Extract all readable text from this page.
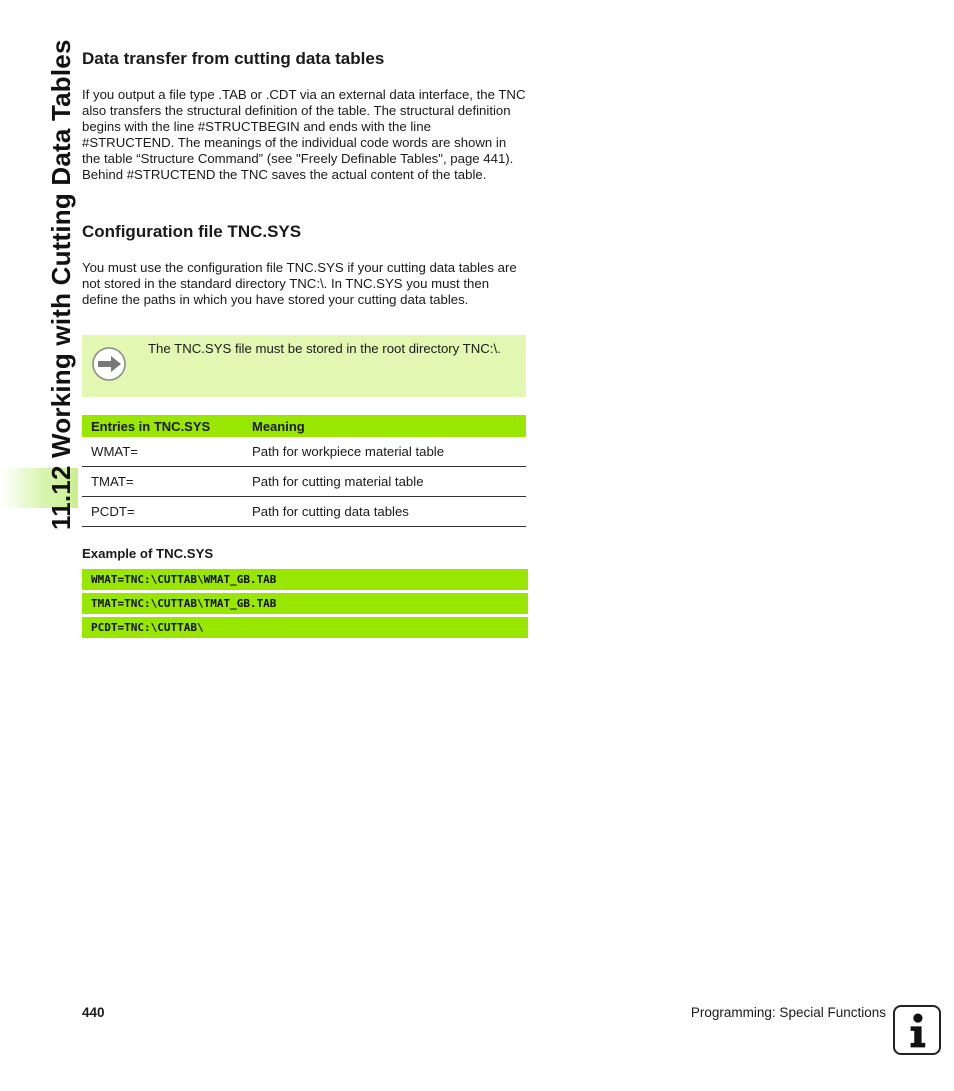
11.12 Working with Cutting Data Tables Data transfer from cutting data tables

If you output a file type .TAB or .CDT via an external data interface, the TNC also transfers the structural definition of the table. The structural definition begins with the line #STRUCTBEGIN and ends with the line #STRUCTEND. The meanings of the individual code words are shown in the table “Structure Command” (see "Freely Definable Tables", page 441). Behind #STRUCTEND the TNC saves the actual content of the table.

Configuration file TNC.SYS

You must use the configuration file TNC.SYS if your cutting data tables are not stored in the standard directory TNC:\. In TNC.SYS you must then define the paths in which you have stored your cutting data tables.

The TNC.SYS file must be stored in the root directory TNC:\.
Entries in TNC.SYS	Meaning
WMAT=	Path for workpiece material table
TMAT=	Path for cutting material table
PCDT=	Path for cutting data tables
Example of TNC.SYS
WMAT=TNC:\CUTTAB\WMAT_GB.TAB
TMAT=TNC:\CUTTAB\TMAT_GB.TAB
PCDT=TNC:\CUTTAB\
440	Programming: Special Functions
